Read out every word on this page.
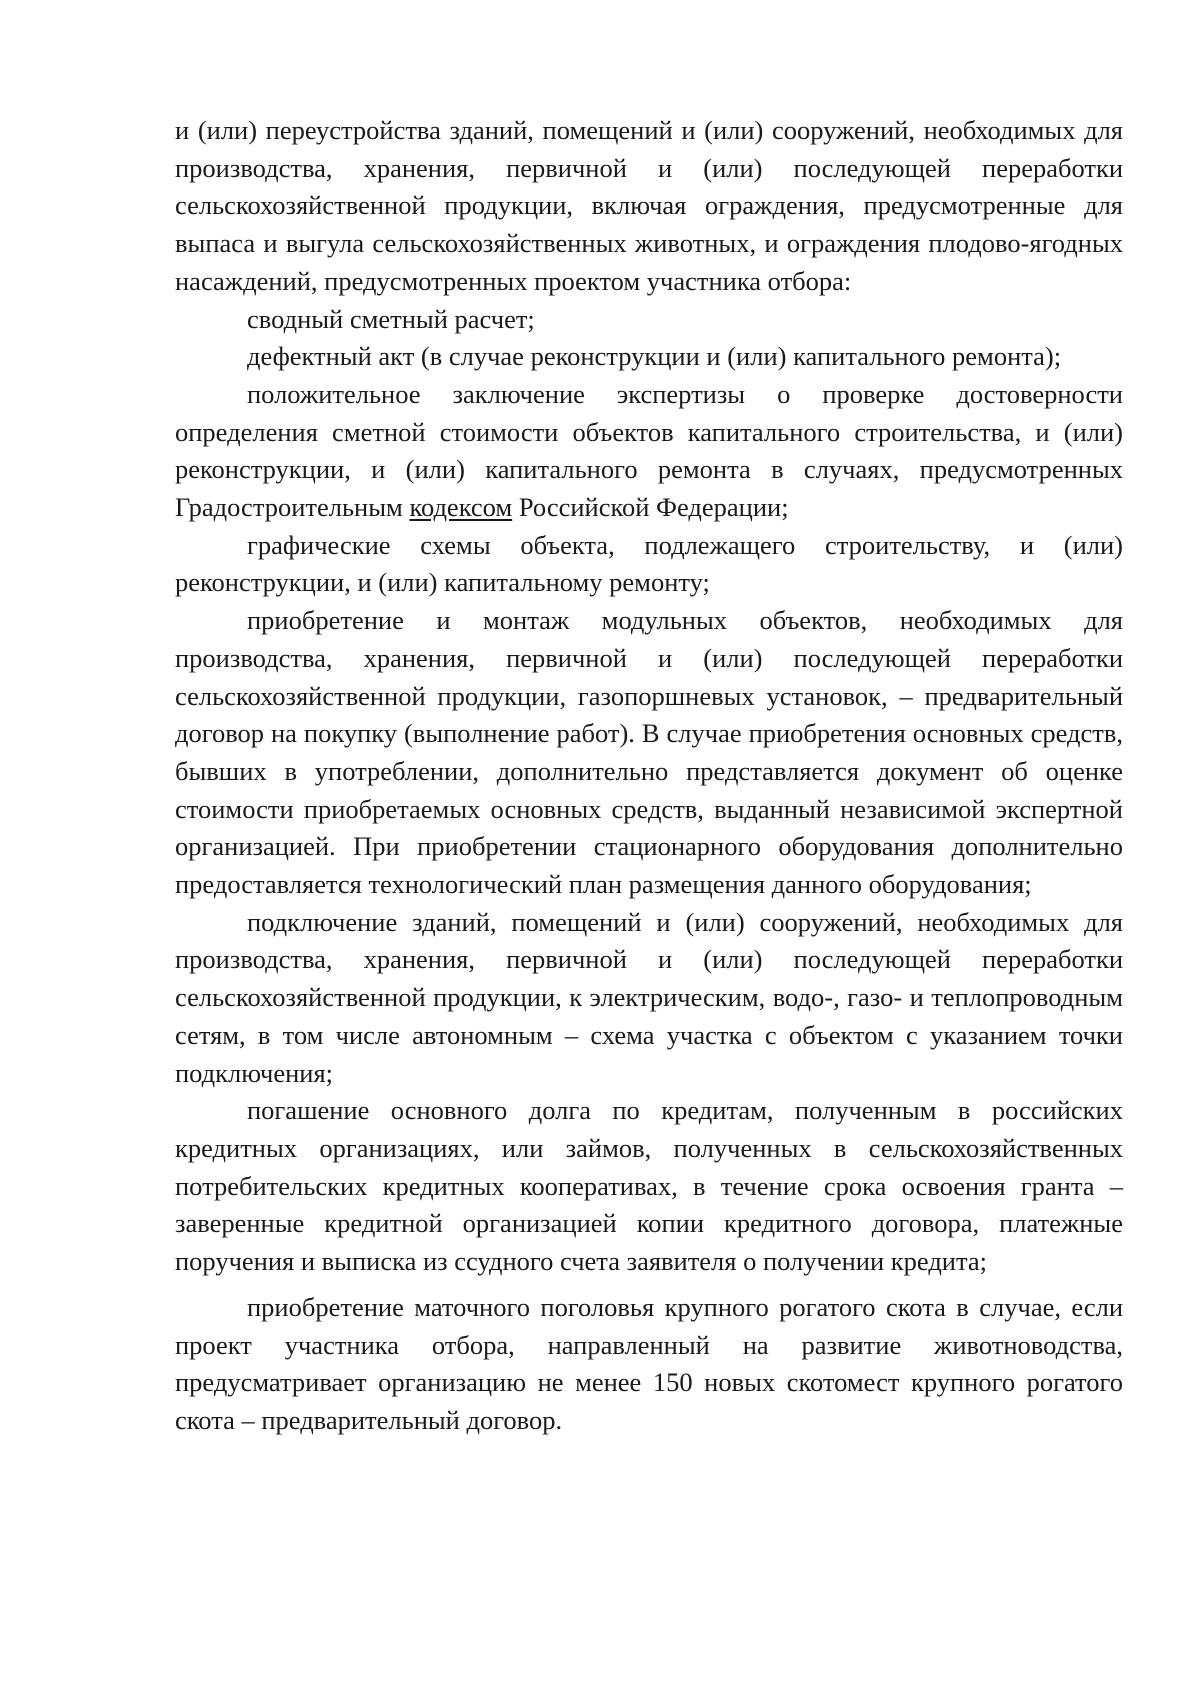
и (или) переустройства зданий, помещений и (или) сооружений, необходимых для производства, хранения, первичной и (или) последующей переработки сельскохозяйственной продукции, включая ограждения, предусмотренные для выпаса и выгула сельскохозяйственных животных, и ограждения плодово-ягодных насаждений, предусмотренных проектом участника отбора:

сводный сметный расчет;

дефектный акт (в случае реконструкции и (или) капитального ремонта);

положительное заключение экспертизы о проверке достоверности определения сметной стоимости объектов капитального строительства, и (или) реконструкции, и (или) капитального ремонта в случаях, предусмотренных Градостроительным кодексом Российской Федерации;

графические схемы объекта, подлежащего строительству, и (или) реконструкции, и (или) капитальному ремонту;

приобретение и монтаж модульных объектов, необходимых для производства, хранения, первичной и (или) последующей переработки сельскохозяйственной продукции, газопоршневых установок, – предварительный договор на покупку (выполнение работ). В случае приобретения основных средств, бывших в употреблении, дополнительно представляется документ об оценке стоимости приобретаемых основных средств, выданный независимой экспертной организацией. При приобретении стационарного оборудования дополнительно предоставляется технологический план размещения данного оборудования;

подключение зданий, помещений и (или) сооружений, необходимых для производства, хранения, первичной и (или) последующей переработки сельскохозяйственной продукции, к электрическим, водо-, газо- и теплопроводным сетям, в том числе автономным – схема участка с объектом с указанием точки подключения;

погашение основного долга по кредитам, полученным в российских кредитных организациях, или займов, полученных в сельскохозяйственных потребительских кредитных кооперативах, в течение срока освоения гранта –заверенные кредитной организацией копии кредитного договора, платежные поручения и выписка из ссудного счета заявителя о получении кредита;

приобретение маточного поголовья крупного рогатого скота в случае, если проект участника отбора, направленный на развитие животноводства, предусматривает организацию не менее 150 новых скотомест крупного рогатого скота – предварительный договор.
